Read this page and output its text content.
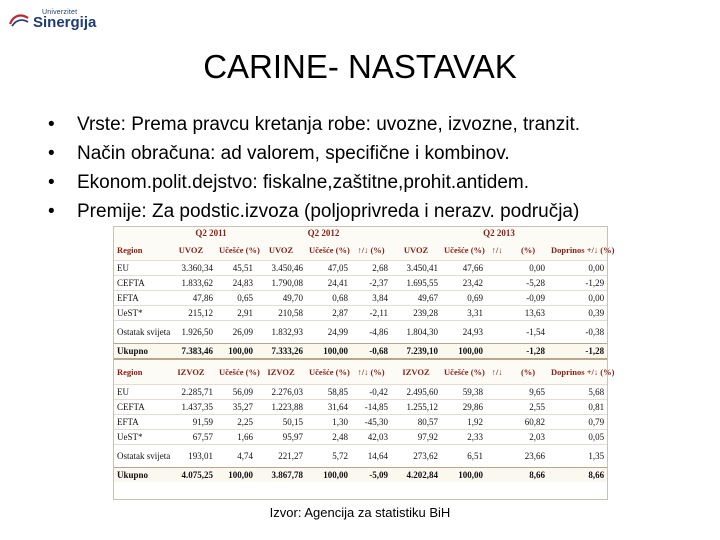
Univerzitet
Sinergija
CARINE- NASTAVAK
• Vrste: Prema pravcu kretanja robe: uvozne, izvozne, tranzit.
• Način obračuna: ad valorem, specifične i kombinov.
• Ekonom.polit.dejstvo: fiskalne,zaštitne,prohit.antidem.
• Premije: Za podstic.izvoza (poljoprivreda i nerazv. područja)
	Q2 2011		Q2 2012			Q2 2013				
Region	UVOZ	Učešće (%)	UVOZ	Učešće (%)	↑/↓ (%)	UVOZ	Učešće (%)	↑/↓	(%)	Doprinos +/↓ (%)
EU	3.360,34	45,51	3.450,46	47,05	2,68	3.450,41	47,66		0,00	0,00
CEFTA	1.833,62	24,83	1.790,08	24,41	-2,37	1.695,55	23,42		-5,28	-1,29
EFTA	47,86	0,65	49,70	0,68	3,84	49,67	0,69		-0,09	0,00
UeST*	215,12	2,91	210,58	2,87	-2,11	239,28	3,31		13,63	0,39
Ostatak svijeta	1.926,50	26,09	1.832,93	24,99	-4,86	1.804,30	24,93		-1,54	-0,38
Ukupno	7.383,46	100,00	7.333,26	100,00	-0,68	7.239,10	100,00		-1,28	-1,28
Region	IZVOZ	Učešće (%)	IZVOZ	Učešće (%)	↑/↓ (%)	IZVOZ	Učešće (%)	↑/↓	(%)	Doprinos +/↓ (%)
EU	2.285,71	56,09	2.276,03	58,85	-0,42	2.495,60	59,38		9,65	5,68
CEFTA	1.437,35	35,27	1.223,88	31,64	-14,85	1.255,12	29,86		2,55	0,81
EFTA	91,59	2,25	50,15	1,30	-45,30	80,57	1,92		60,82	0,79
UeST*	67,57	1,66	95,97	2,48	42,03	97,92	2,33		2,03	0,05
Ostatak svijeta	193,01	4,74	221,27	5,72	14,64	273,62	6,51		23,66	1,35
Ukupno	4.075,25	100,00	3.867,78	100,00	-5,09	4.202,84	100,00		8,66	8,66
Izvor: Agencija za statistiku BiH
